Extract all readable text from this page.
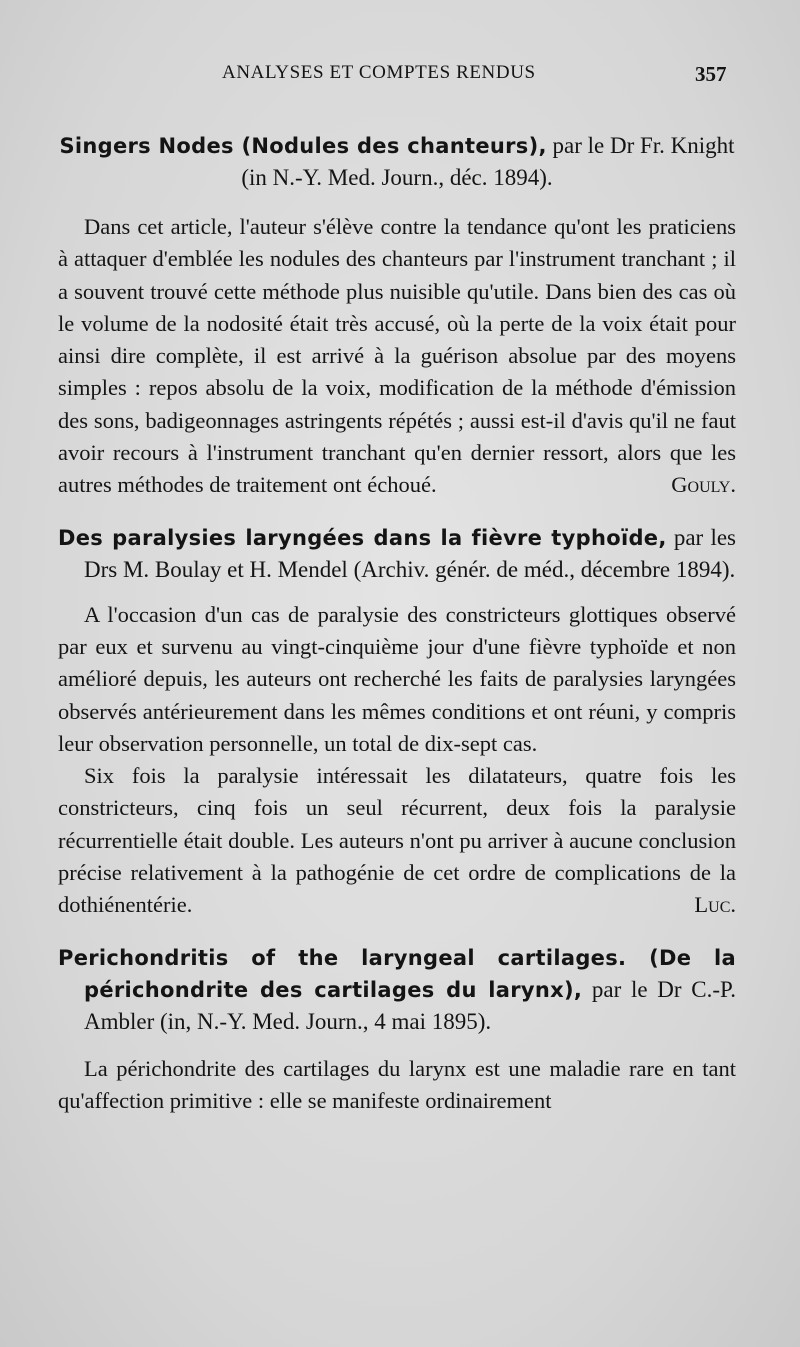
ANALYSES ET COMPTES RENDUS	357

Singers Nodes (Nodules des chanteurs), par le Dr Fr. Knight (in N.-Y. Med. Journ., déc. 1894).

Dans cet article, l'auteur s'élève contre la tendance qu'ont les praticiens à attaquer d'emblée les nodules des chanteurs par l'instrument tranchant ; il a souvent trouvé cette méthode plus nuisible qu'utile. Dans bien des cas où le volume de la nodosité était très accusé, où la perte de la voix était pour ainsi dire complète, il est arrivé à la guérison absolue par des moyens simples : repos absolu de la voix, modification de la méthode d'émission des sons, badigeonnages astringents répétés ; aussi est-il d'avis qu'il ne faut avoir recours à l'instrument tranchant qu'en dernier ressort, alors que les autres méthodes de traitement ont échoué.	Gouly.

Des paralysies laryngées dans la fièvre typhoïde, par les Drs M. Boulay et H. Mendel (Archiv. génér. de méd., décembre 1894).

A l'occasion d'un cas de paralysie des constricteurs glottiques observé par eux et survenu au vingt-cinquième jour d'une fièvre typhoïde et non amélioré depuis, les auteurs ont recherché les faits de paralysies laryngées observés antérieurement dans les mêmes conditions et ont réuni, y compris leur observation personnelle, un total de dix-sept cas.

Six fois la paralysie intéressait les dilatateurs, quatre fois les constricteurs, cinq fois un seul récurrent, deux fois la paralysie récurrentielle était double. Les auteurs n'ont pu arriver à aucune conclusion précise relativement à la pathogénie de cet ordre de complications de la dothiénentérie.	Luc.

Perichondritis of the laryngeal cartilages. (De la périchondrite des cartilages du larynx), par le Dr C.-P. Ambler (in, N.-Y. Med. Journ., 4 mai 1895).

La périchondrite des cartilages du larynx est une maladie rare en tant qu'affection primitive : elle se manifeste ordinairement
